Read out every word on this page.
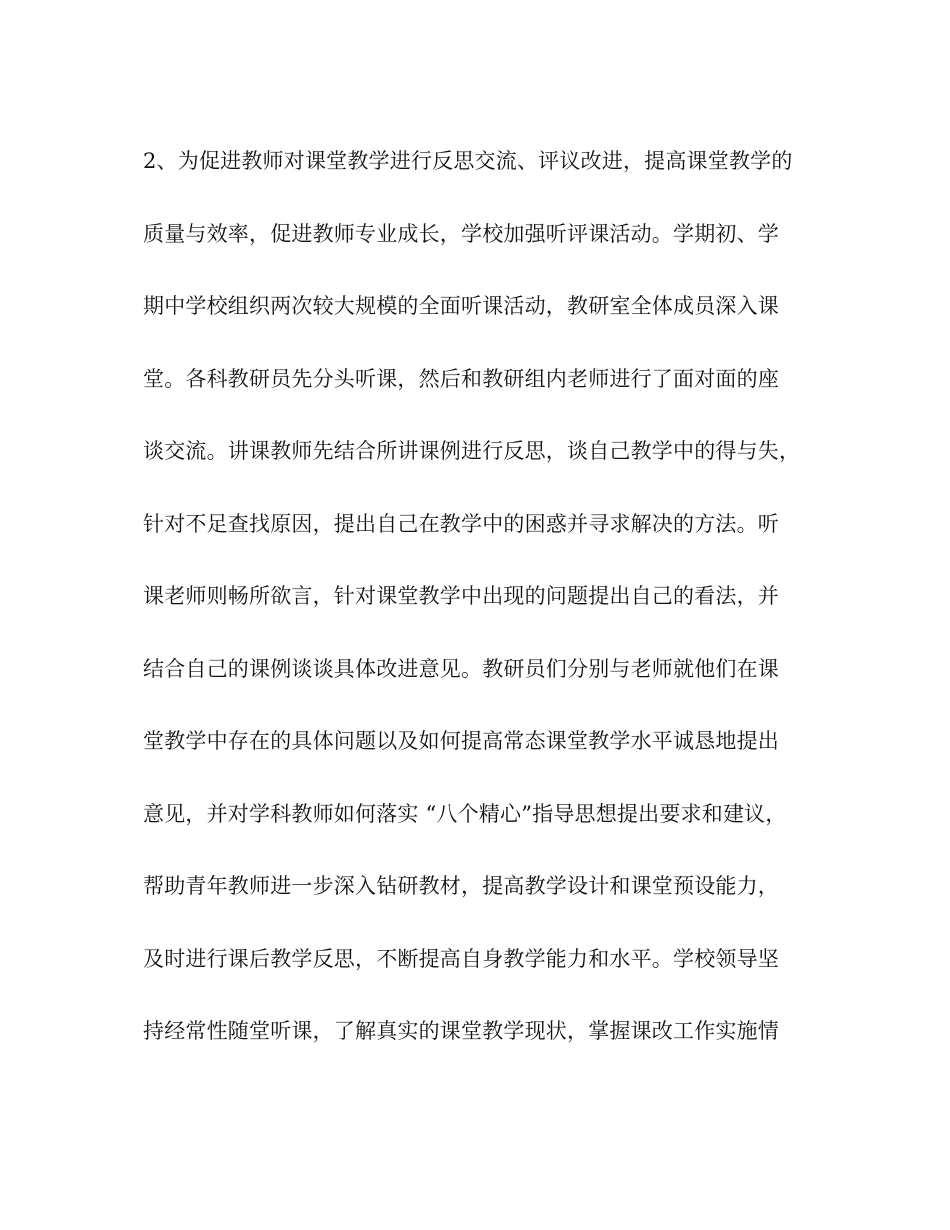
2、为促进教师对课堂教学进行反思交流、评议改进，提高课堂教学的
质量与效率，促进教师专业成长，学校加强听评课活动。学期初、学
期中学校组织两次较大规模的全面听课活动，教研室全体成员深入课
堂。各科教研员先分头听课，然后和教研组内老师进行了面对面的座
谈交流。讲课教师先结合所讲课例进行反思，谈自己教学中的得与失，
针对不足查找原因，提出自己在教学中的困惑并寻求解决的方法。听
课老师则畅所欲言，针对课堂教学中出现的问题提出自己的看法，并
结合自己的课例谈谈具体改进意见。教研员们分别与老师就他们在课
堂教学中存在的具体问题以及如何提高常态课堂教学水平诚恳地提出
意见，并对学科教师如何落实 “八个精心”指导思想提出要求和建议，
帮助青年教师进一步深入钻研教材，提高教学设计和课堂预设能力，
及时进行课后教学反思，不断提高自身教学能力和水平。学校领导坚
持经常性随堂听课，了解真实的课堂教学现状，掌握课改工作实施情
